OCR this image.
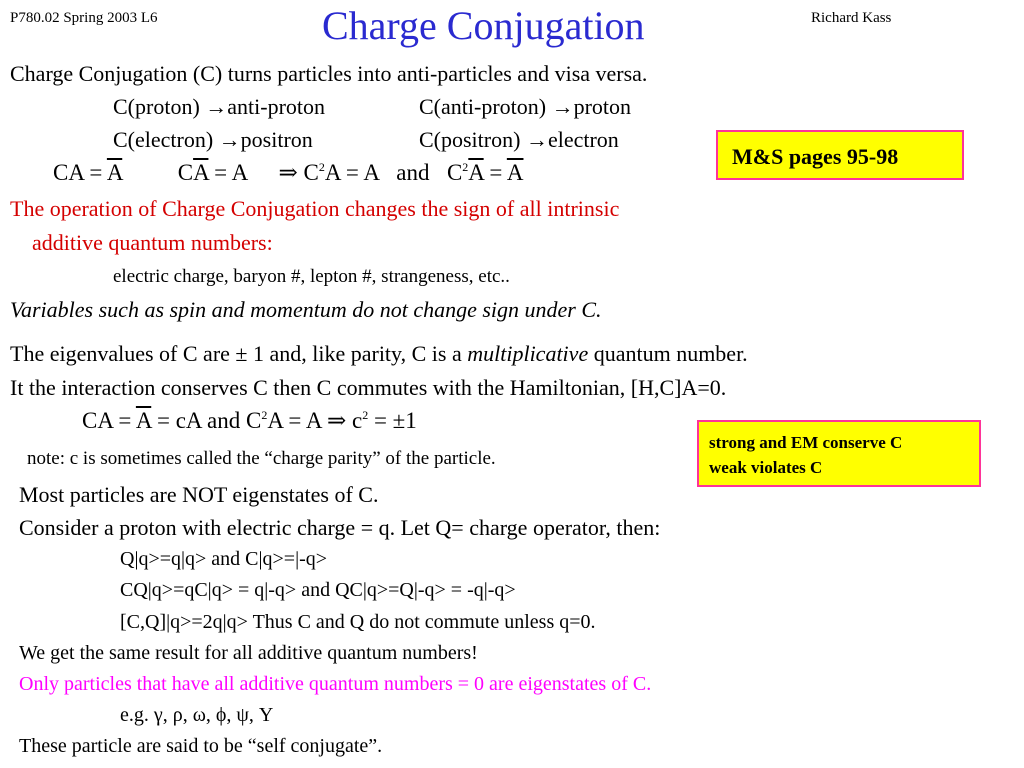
P780.02 Spring 2003 L6	Charge Conjugation	Richard Kass
Charge Conjugation (C) turns particles into anti-particles and visa versa.
C(proton) →anti-proton	C(anti-proton) →proton
C(electron) →positron	C(positron) →electron
M&S pages 95-98
CA = $\overline{A}$ $C\overline{A} = A$ ⇒ $C^2A = A$ and $C^2\overline{A} = \overline{A}$
The operation of Charge Conjugation changes the sign of all intrinsic
additive quantum numbers:
electric charge, baryon #, lepton #, strangeness, etc..
Variables such as spin and momentum do not change sign under C.
The eigenvalues of C are ± 1 and, like parity, C is a multiplicative quantum number.
It the interaction conserves C then C commutes with the Hamiltonian, [H,C]A=0.
CA = $\overline{A}$ = cA and $C^2A = A$ ⇒ $c^2 = \pm 1$
strong and EM conserve C
weak violates C
note: c is sometimes called the “charge parity” of the particle.
Most particles are NOT eigenstates of C.
Consider a proton with electric charge = q. Let Q= charge operator, then:
Q|q>=q|q> and C|q>=|-q>
CQ|q>=qC|q> = q|-q> and QC|q>=Q|-q> = -q|-q>
[C,Q]|q>=2q|q> Thus C and Q do not commute unless q=0.
We get the same result for all additive quantum numbers!
Only particles that have all additive quantum numbers = 0 are eigenstates of C.
e.g. γ, ρ, ω, ϕ, ψ, Y
These particle are said to be “self conjugate”.
